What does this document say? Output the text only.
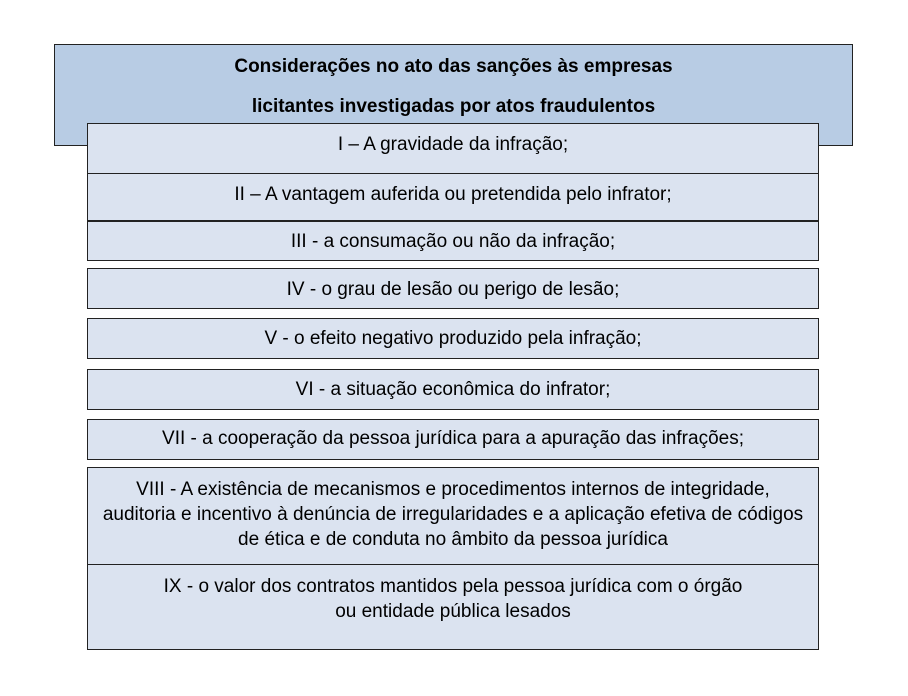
Considerações no ato das sanções às empresas
licitantes investigadas por atos fraudulentos
I – A gravidade da infração;
II – A vantagem auferida ou pretendida pelo infrator;
III - a consumação ou não da infração;
IV - o grau de lesão ou perigo de lesão;
V - o efeito negativo produzido pela infração;
VI - a situação econômica do infrator;
VII - a cooperação da pessoa jurídica para a apuração das infrações;
VIII - A existência de mecanismos e procedimentos internos de integridade, auditoria e incentivo à denúncia de irregularidades e a aplicação efetiva de códigos de ética e de conduta no âmbito da pessoa jurídica
IX - o valor dos contratos mantidos pela pessoa jurídica com o órgão ou entidade pública lesados
